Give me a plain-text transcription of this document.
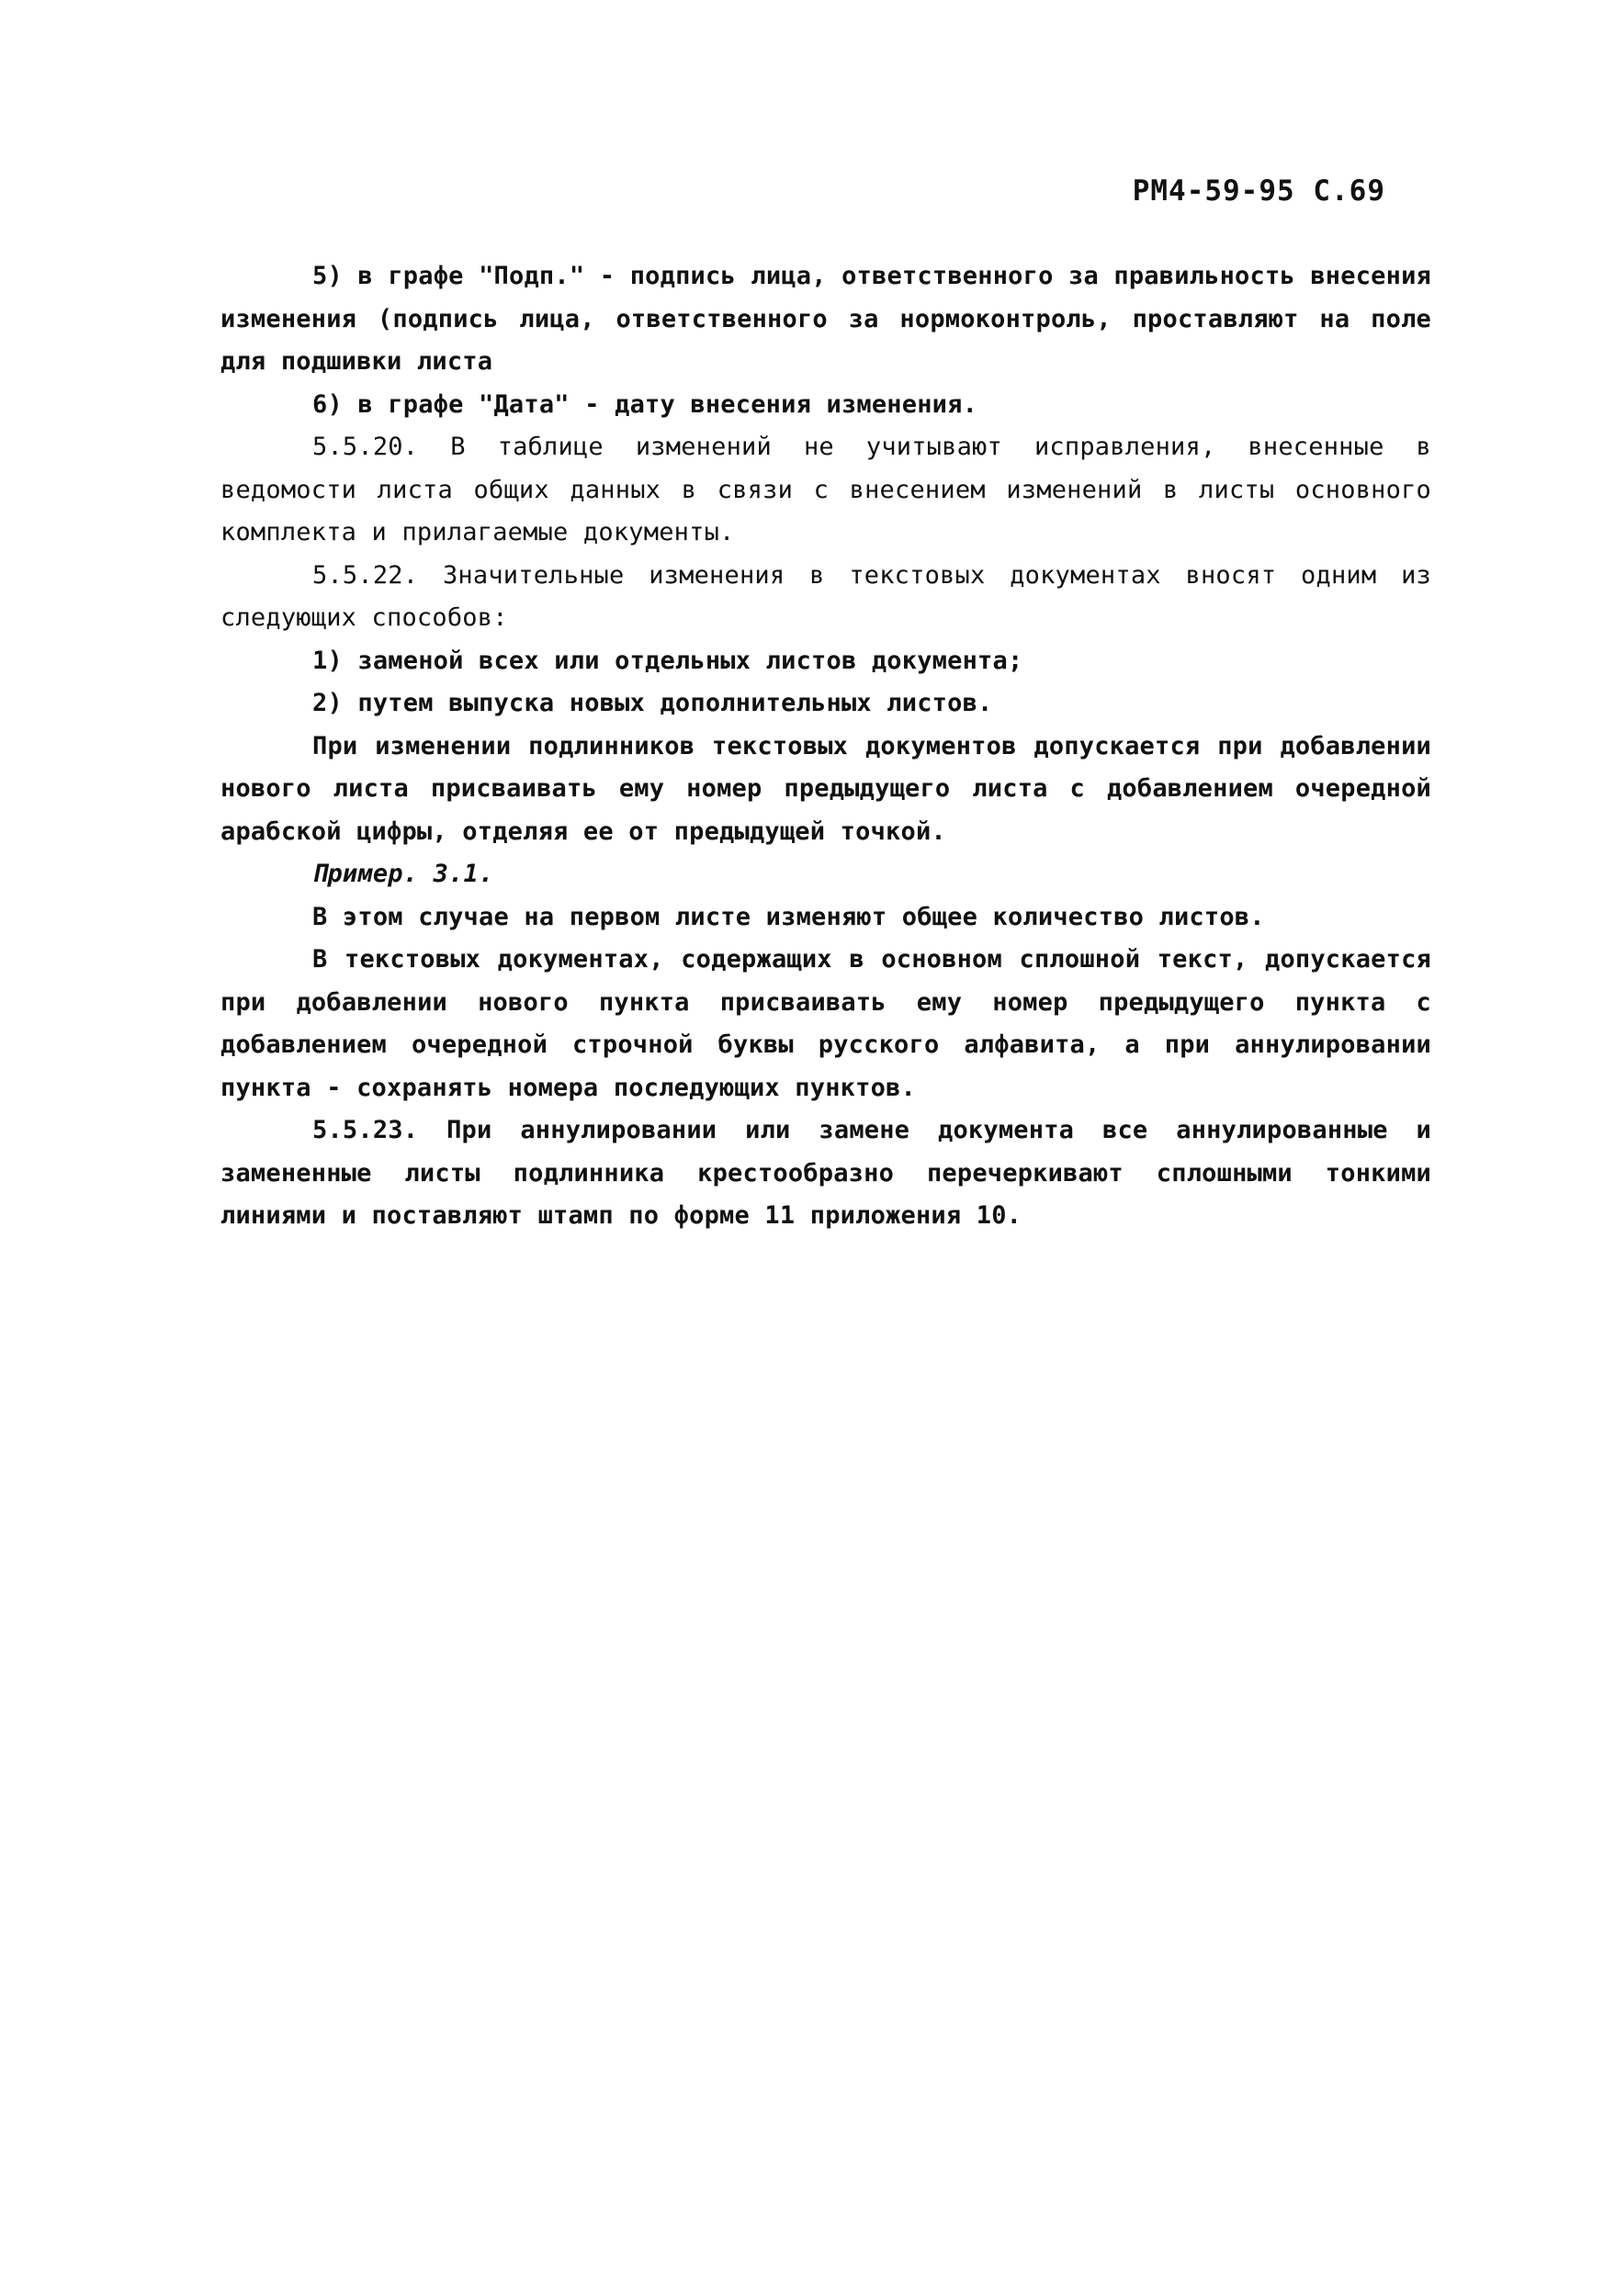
РМ4-59-95 С.69

5) в графе "Подп." - подпись лица, ответственного за правильность внесения изменения (подпись лица, ответственного за нормоконтроль, проставляют на поле для подшивки листа

6) в графе "Дата" - дату внесения изменения.

5.5.20. В таблице изменений не учитывают исправления, внесенные в ведомости листа общих данных в связи с внесением изменений в листы основного комплекта и прилагаемые документы.

5.5.22. Значительные изменения в текстовых документах вносят одним из следующих способов:

1) заменой всех или отдельных листов документа;

2) путем выпуска новых дополнительных листов.

При изменении подлинников текстовых документов допускается при добавлении нового листа присваивать ему номер предыдущего листа с добавлением очередной арабской цифры, отделяя ее от предыдущей точкой.

Пример. 3.1.

В этом случае на первом листе изменяют общее количество листов.

В текстовых документах, содержащих в основном сплошной текст, допускается при добавлении нового пункта присваивать ему номер предыдущего пункта с добавлением очередной строчной буквы русского алфавита, а при аннулировании пункта - сохранять номера последующих пунктов.

5.5.23. При аннулировании или замене документа все аннулированные и замененные листы подлинника крестообразно перечеркивают сплошными тонкими линиями и поставляют штамп по форме 11 приложения 10.
